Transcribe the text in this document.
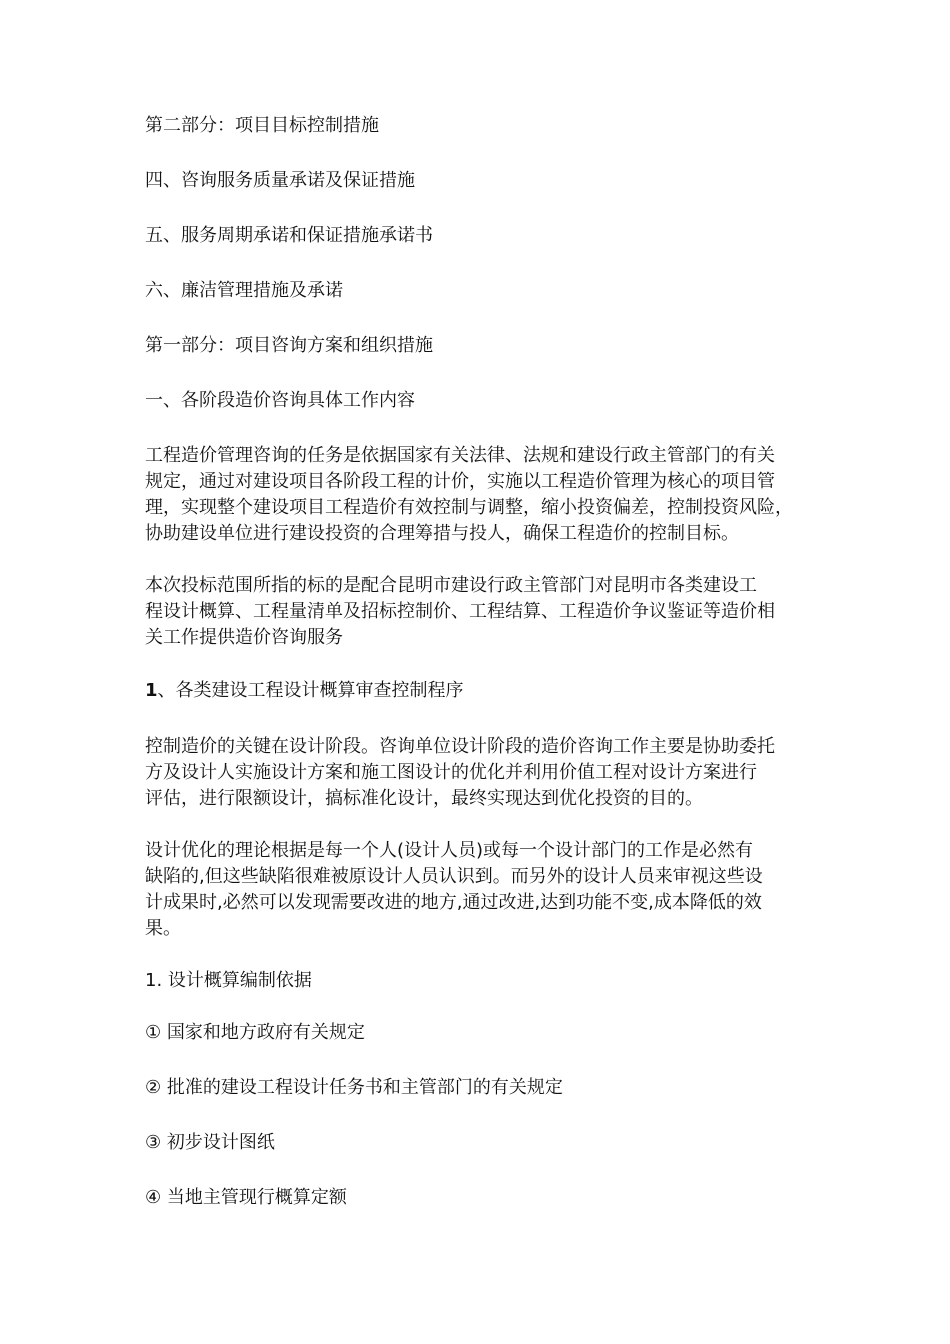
第二部分：项目目标控制措施
四、咨询服务质量承诺及保证措施
五、服务周期承诺和保证措施承诺书
六、廉洁管理措施及承诺
第一部分：项目咨询方案和组织措施
一、各阶段造价咨询具体工作内容
工程造价管理咨询的任务是依据国家有关法律、法规和建设行政主管部门的有关
规定，通过对建设项目各阶段工程的计价，实施以工程造价管理为核心的项目管
理，实现整个建设项目工程造价有效控制与调整，缩小投资偏差，控制投资风险，
协助建设单位进行建设投资的合理筹措与投人，确保工程造价的控制目标。
本次投标范围所指的标的是配合昆明市建设行政主管部门对昆明市各类建设工
程设计概算、工程量清单及招标控制价、工程结算、工程造价争议鉴证等造价相
关工作提供造价咨询服务
1、各类建设工程设计概算审查控制程序
控制造价的关键在设计阶段。咨询单位设计阶段的造价咨询工作主要是协助委托
方及设计人实施设计方案和施工图设计的优化并利用价值工程对设计方案进行
评估，进行限额设计，搞标准化设计，最终实现达到优化投资的目的。
设计优化的理论根据是每一个人(设计人员)或每一个设计部门的工作是必然有
缺陷的,但这些缺陷很难被原设计人员认识到。而另外的设计人员来审视这些设
计成果时,必然可以发现需要改进的地方,通过改进,达到功能不变,成本降低的效
果。
1. 设计概算编制依据
① 国家和地方政府有关规定
② 批准的建设工程设计任务书和主管部门的有关规定
③ 初步设计图纸
④ 当地主管现行概算定额
